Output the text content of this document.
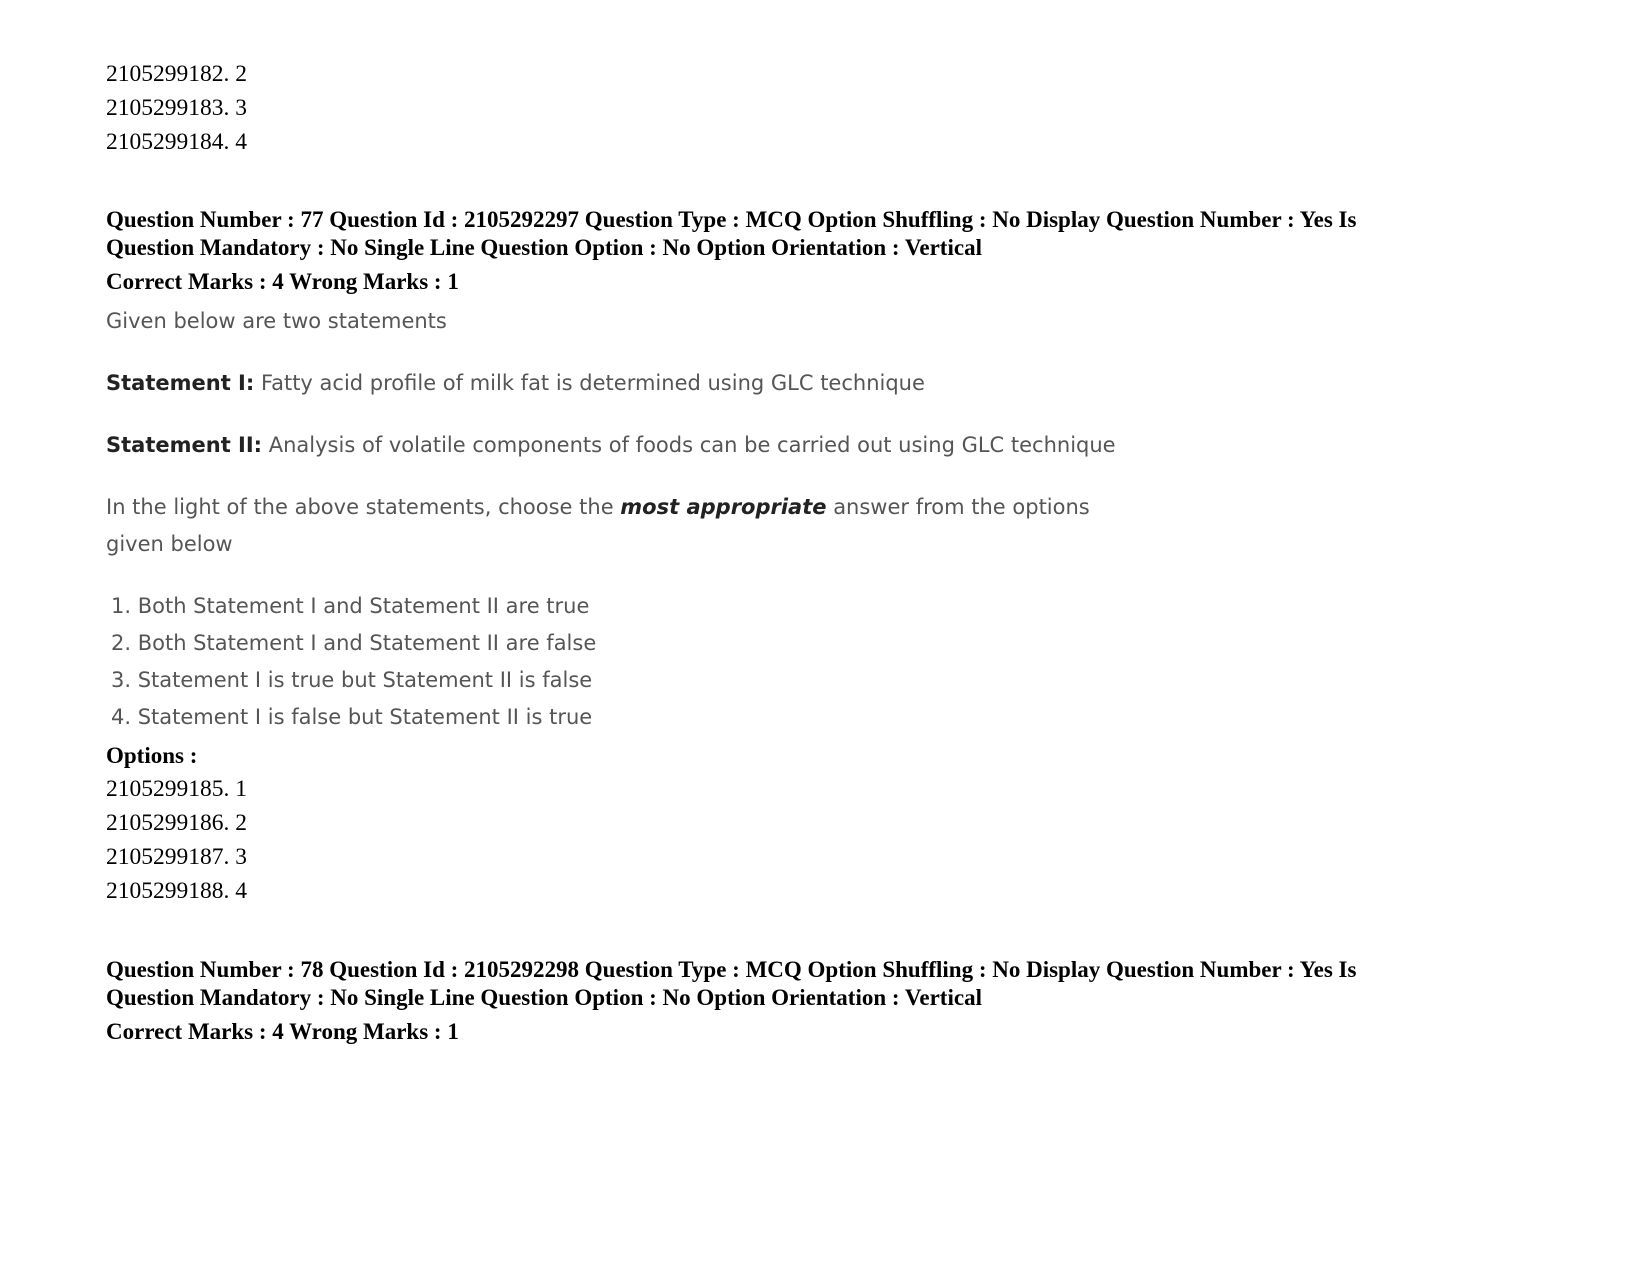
2105299182. 2
2105299183. 3
2105299184. 4
Question Number : 77 Question Id : 2105292297 Question Type : MCQ Option Shuffling : No Display Question Number : Yes Is
Question Mandatory : No Single Line Question Option : No Option Orientation : Vertical
Correct Marks : 4 Wrong Marks : 1
Given below are two statements
Statement I: Fatty acid profile of milk fat is determined using GLC technique
Statement II: Analysis of volatile components of foods can be carried out using GLC technique
In the light of the above statements, choose the most appropriate answer from the options
given below
1. Both Statement I and Statement II are true
2. Both Statement I and Statement II are false
3. Statement I is true but Statement II is false
4. Statement I is false but Statement II is true
Options :
2105299185. 1
2105299186. 2
2105299187. 3
2105299188. 4
Question Number : 78 Question Id : 2105292298 Question Type : MCQ Option Shuffling : No Display Question Number : Yes Is
Question Mandatory : No Single Line Question Option : No Option Orientation : Vertical
Correct Marks : 4 Wrong Marks : 1
